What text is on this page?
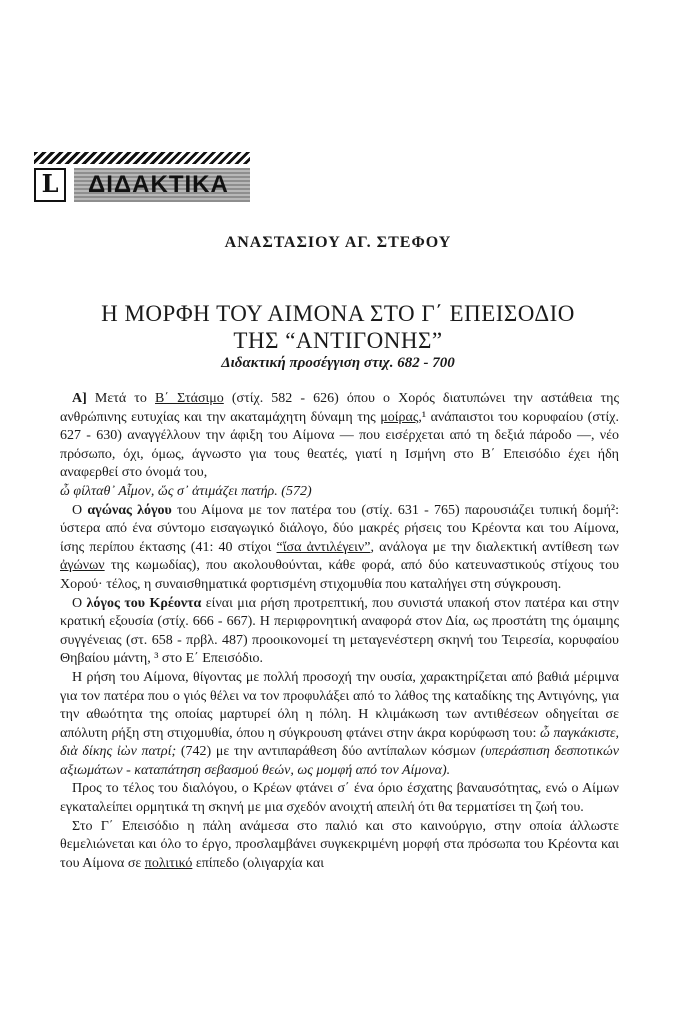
L	ΔΙΔΑΚΤΙΚΑ
ΑΝΑΣΤΑΣΙΟΥ ΑΓ. ΣΤΕΦΟΥ
Η ΜΟΡΦΗ ΤΟΥ ΑΙΜΟΝΑ ΣΤΟ Γ΄ ΕΠΕΙΣΟΔΙΟ
ΤΗΣ “ΑΝΤΙΓΟΝΗΣ”
Διδακτική προσέγγιση στιχ. 682 - 700

Α] Μετά το Β΄ Στάσιμο (στίχ. 582 - 626) όπου ο Χορός διατυπώνει την αστάθεια της ανθρώπινης ευτυχίας και την ακαταμάχητη δύναμη της μοίρας,¹ ανάπαιστοι του κορυφαίου (στίχ. 627 - 630) αναγγέλλουν την άφιξη του Αίμονα — που εισέρχεται από τη δεξιά πάροδο —, νέο πρόσωπο, όχι, όμως, άγνωστο για τους θεατές, γιατί η Ισμήνη στο Β΄ Επεισόδιο έχει ήδη αναφερθεί στο όνομά του,
ὦ φίλταθ᾽ Αἷμον, ὥς σ᾽ ἀτιμάζει πατήρ. (572)

Ο αγώνας λόγου του Αίμονα με τον πατέρα του (στίχ. 631 - 765) παρουσιάζει τυπική δομή²: ύστερα από ένα σύντομο εισαγωγικό διάλογο, δύο μακρές ρήσεις του Κρέοντα και του Αίμονα, ίσης περίπου έκτασης (41: 40 στίχοι “ἴσα ἀντιλέγειν”, ανάλογα με την διαλεκτική αντίθεση των ἀγώνων της κωμωδίας), που ακολουθούνται, κάθε φορά, από δύο κατευναστικούς στίχους του Χορού· τέλος, η συναισθηματικά φορτισμένη στιχομυθία που καταλήγει στη σύγκρουση.

Ο λόγος του Κρέοντα είναι μια ρήση προτρεπτική, που συνιστά υπακοή στον πατέρα και στην κρατική εξουσία (στίχ. 666 - 667). Η περιφρονητική αναφορά στον Δία, ως προστάτη της όμαιμης συγγένειας (στ. 658 - πρβλ. 487) προοικονομεί τη μεταγενέστερη σκηνή του Τειρεσία, κορυφαίου Θηβαίου μάντη, ³ στο Ε΄ Επεισόδιο.

Η ρήση του Αίμονα, θίγοντας με πολλή προσοχή την ουσία, χαρακτηρίζεται από βαθιά μέριμνα για τον πατέρα που ο γιός θέλει να τον προφυλάξει από το λάθος της καταδίκης της Αντιγόνης, για την αθωότητα της οποίας μαρτυρεί όλη η πόλη. Η κλιμάκωση των αντιθέσεων οδηγείται σε απόλυτη ρήξη στη στιχομυθία, όπου η σύγκρουση φτάνει στην άκρα κορύφωση του: ὦ παγκάκιστε, διὰ δίκης ἰὼν πατρί; (742) με την αντιπαράθεση δύο αντίπαλων κόσμων (υπεράσπιση δεσποτικών αξιωμάτων - καταπάτηση σεβασμού θεών, ως μομφή από τον Αίμονα).

Προς το τέλος του διαλόγου, ο Κρέων φτάνει σ΄ ένα όριο έσχατης βαναυσότητας, ενώ ο Αίμων εγκαταλείπει ορμητικά τη σκηνή με μια σχεδόν ανοιχτή απειλή ότι θα τερματίσει τη ζωή του.

Στο Γ΄ Επεισόδιο η πάλη ανάμεσα στο παλιό και στο καινούργιο, στην οποία άλλωστε θεμελιώνεται και όλο το έργο, προσλαμβάνει συγκεκριμένη μορφή στα πρόσωπα του Κρέοντα και του Αίμονα σε πολιτικό επίπεδο (ολιγαρχία και
